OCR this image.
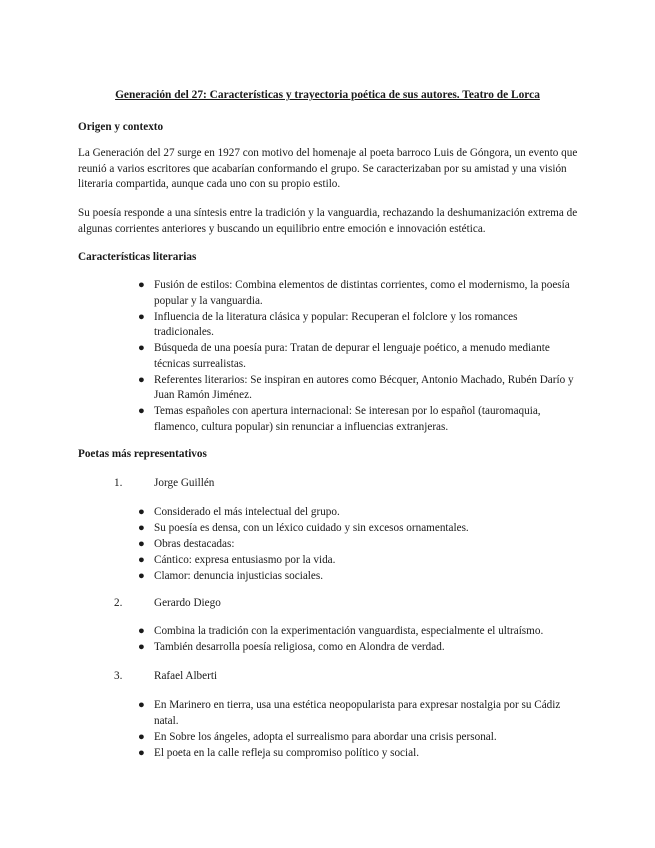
Generación del 27: Características y trayectoria poética de sus autores. Teatro de Lorca
Origen y contexto
La Generación del 27 surge en 1927 con motivo del homenaje al poeta barroco Luis de Góngora, un evento que reunió a varios escritores que acabarían conformando el grupo. Se caracterizaban por su amistad y una visión literaria compartida, aunque cada uno con su propio estilo.
Su poesía responde a una síntesis entre la tradición y la vanguardia, rechazando la deshumanización extrema de algunas corrientes anteriores y buscando un equilibrio entre emoción e innovación estética.
Características literarias
● Fusión de estilos: Combina elementos de distintas corrientes, como el modernismo, la poesía popular y la vanguardia.
● Influencia de la literatura clásica y popular: Recuperan el folclore y los romances tradicionales.
● Búsqueda de una poesía pura: Tratan de depurar el lenguaje poético, a menudo mediante técnicas surrealistas.
● Referentes literarios: Se inspiran en autores como Bécquer, Antonio Machado, Rubén Darío y Juan Ramón Jiménez.
● Temas españoles con apertura internacional: Se interesan por lo español (tauromaquia, flamenco, cultura popular) sin renunciar a influencias extranjeras.
Poetas más representativos
1.	Jorge Guillén
● Considerado el más intelectual del grupo.
● Su poesía es densa, con un léxico cuidado y sin excesos ornamentales.
● Obras destacadas:
● Cántico: expresa entusiasmo por la vida.
● Clamor: denuncia injusticias sociales.
2.	Gerardo Diego
● Combina la tradición con la experimentación vanguardista, especialmente el ultraísmo.
● También desarrolla poesía religiosa, como en Alondra de verdad.
3.	Rafael Alberti
● En Marinero en tierra, usa una estética neopopularista para expresar nostalgia por su Cádiz natal.
● En Sobre los ángeles, adopta el surrealismo para abordar una crisis personal.
● El poeta en la calle refleja su compromiso político y social.
